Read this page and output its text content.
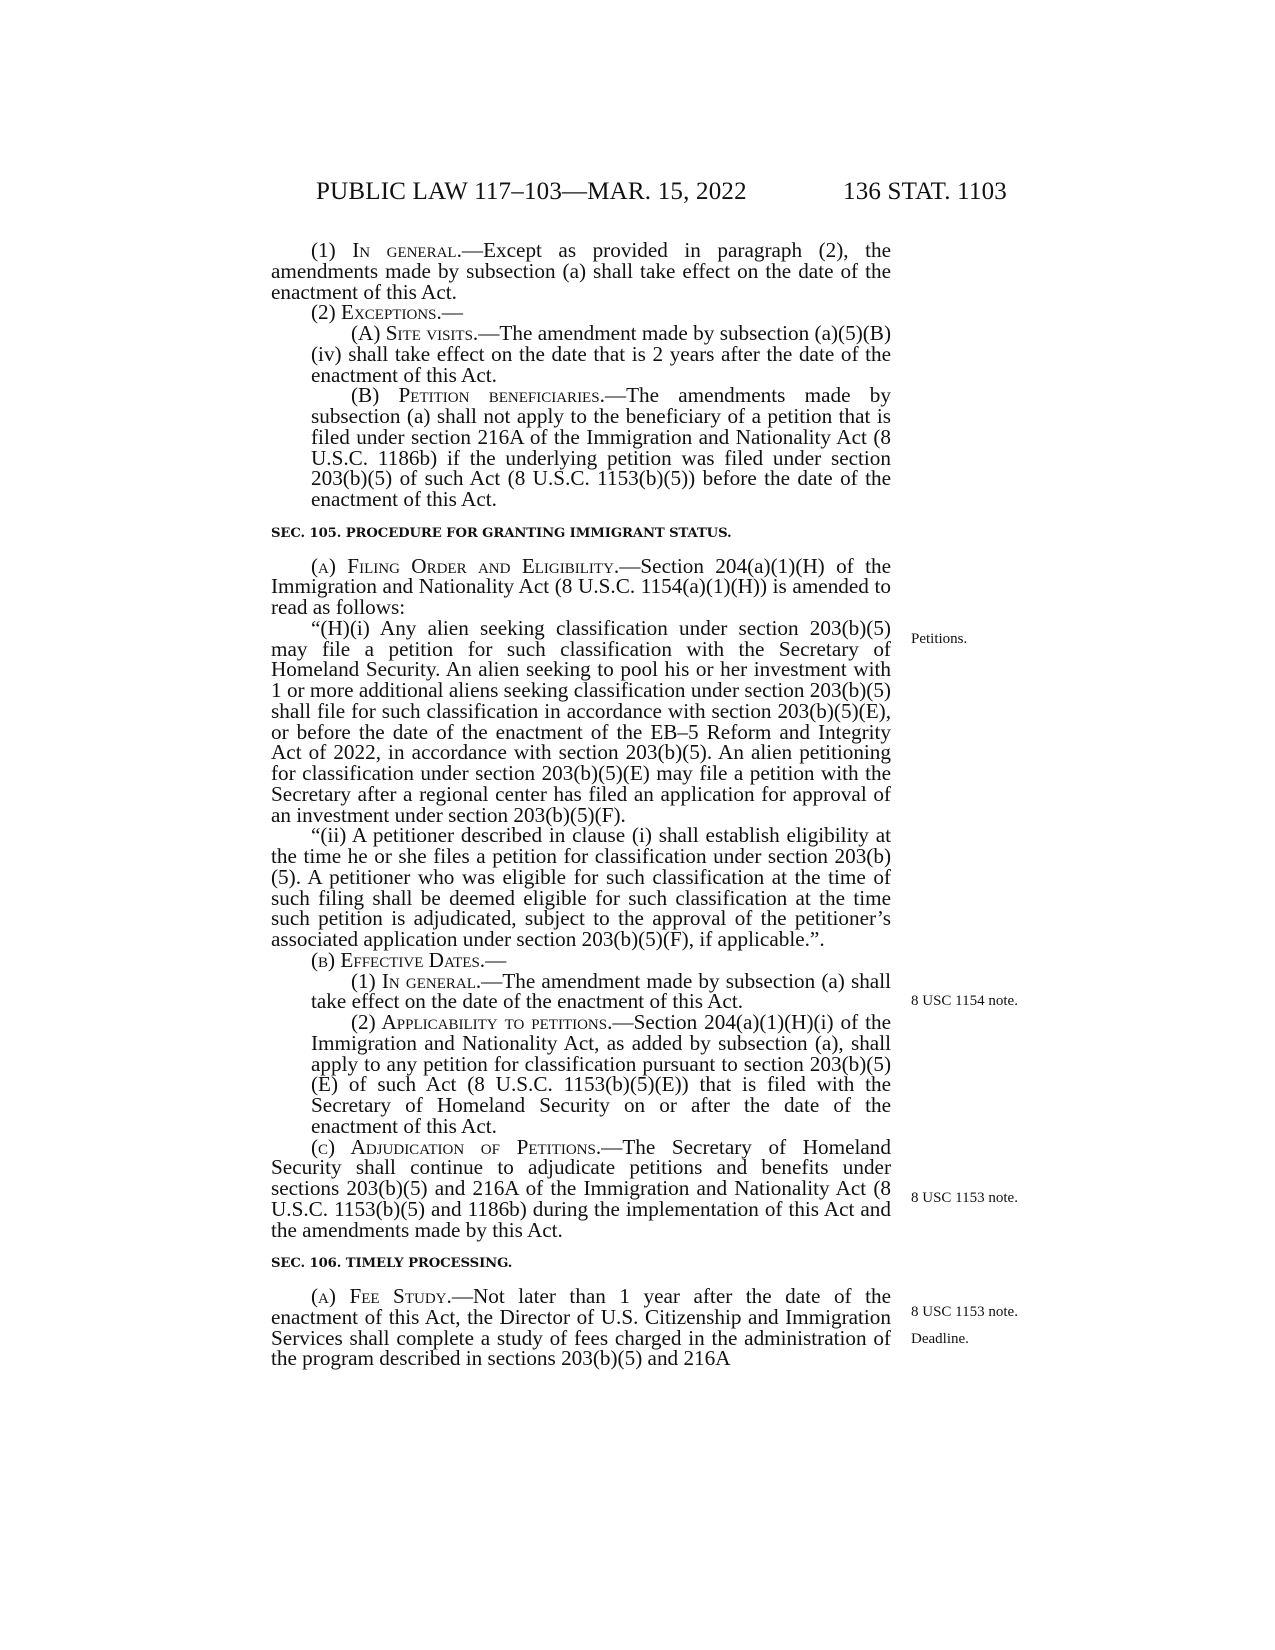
PUBLIC LAW 117–103—MAR. 15, 2022	136 STAT. 1103

(1) In general.—Except as provided in paragraph (2), the amendments made by subsection (a) shall take effect on the date of the enactment of this Act.

(2) Exceptions.—

(A) Site visits.—The amendment made by subsection (a)(5)(B)(iv) shall take effect on the date that is 2 years after the date of the enactment of this Act.

(B) Petition beneficiaries.—The amendments made by subsection (a) shall not apply to the beneficiary of a petition that is filed under section 216A of the Immigration and Nationality Act (8 U.S.C. 1186b) if the underlying petition was filed under section 203(b)(5) of such Act (8 U.S.C. 1153(b)(5)) before the date of the enactment of this Act.

SEC. 105. PROCEDURE FOR GRANTING IMMIGRANT STATUS.

(a) Filing Order and Eligibility.—Section 204(a)(1)(H) of the Immigration and Nationality Act (8 U.S.C. 1154(a)(1)(H)) is amended to read as follows:

“(H)(i) Any alien seeking classification under section 203(b)(5) may file a petition for such classification with the Secretary of Homeland Security. An alien seeking to pool his or her investment with 1 or more additional aliens seeking classification under section 203(b)(5) shall file for such classification in accordance with section 203(b)(5)(E), or before the date of the enactment of the EB–5 Reform and Integrity Act of 2022, in accordance with section 203(b)(5). An alien petitioning for classification under section 203(b)(5)(E) may file a petition with the Secretary after a regional center has filed an application for approval of an investment under section 203(b)(5)(F).

“(ii) A petitioner described in clause (i) shall establish eligibility at the time he or she files a petition for classification under section 203(b)(5). A petitioner who was eligible for such classification at the time of such filing shall be deemed eligible for such classification at the time such petition is adjudicated, subject to the approval of the petitioner’s associated application under section 203(b)(5)(F), if applicable.”.

(b) Effective Dates.—

(1) In general.—The amendment made by subsection (a) shall take effect on the date of the enactment of this Act.

(2) Applicability to petitions.—Section 204(a)(1)(H)(i) of the Immigration and Nationality Act, as added by subsection (a), shall apply to any petition for classification pursuant to section 203(b)(5)(E) of such Act (8 U.S.C. 1153(b)(5)(E)) that is filed with the Secretary of Homeland Security on or after the date of the enactment of this Act.

(c) Adjudication of Petitions.—The Secretary of Homeland Security shall continue to adjudicate petitions and benefits under sections 203(b)(5) and 216A of the Immigration and Nationality Act (8 U.S.C. 1153(b)(5) and 1186b) during the implementation of this Act and the amendments made by this Act.

SEC. 106. TIMELY PROCESSING.

(a) Fee Study.—Not later than 1 year after the date of the enactment of this Act, the Director of U.S. Citizenship and Immigration Services shall complete a study of fees charged in the administration of the program described in sections 203(b)(5) and 216A

Petitions.
8 USC 1154 note.
8 USC 1153 note.
8 USC 1153 note.
Deadline.
